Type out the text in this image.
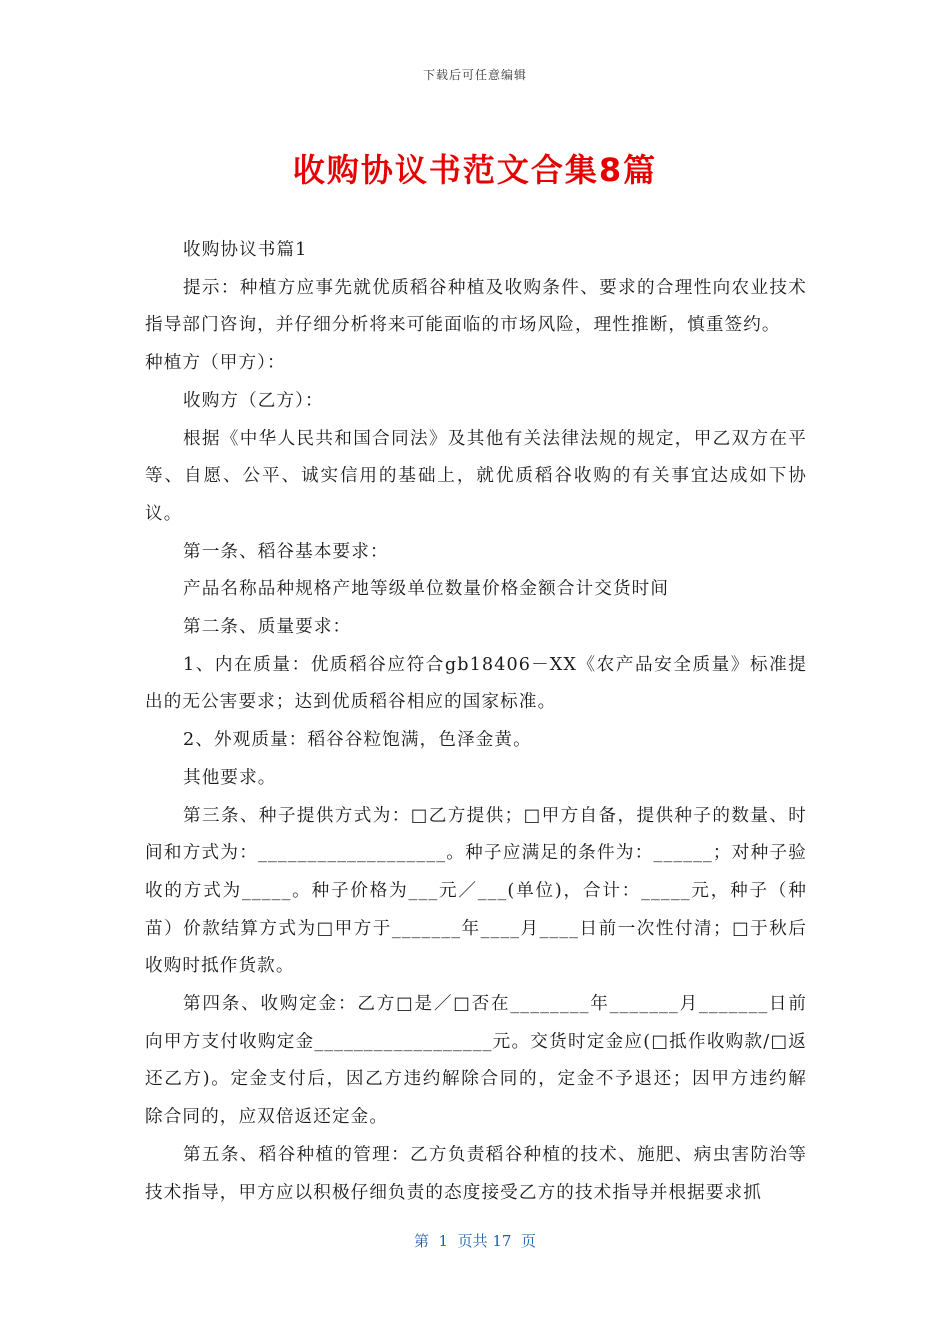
下载后可任意编辑
收购协议书范文合集8篇

收购协议书篇1

提示：种植方应事先就优质稻谷种植及收购条件、要求的合理性向农业技术指导部门咨询，并仔细分析将来可能面临的市场风险，理性推断，慎重签约。

种植方（甲方）：

收购方（乙方）：

根据《中华人民共和国合同法》及其他有关法律法规的规定，甲乙双方在平等、自愿、公平、诚实信用的基础上，就优质稻谷收购的有关事宜达成如下协议。

第一条、稻谷基本要求：

产品名称品种规格产地等级单位数量价格金额合计交货时间

第二条、质量要求：

1、内在质量：优质稻谷应符合gb18406－XX《农产品安全质量》标准提出的无公害要求；达到优质稻谷相应的国家标准。

2、外观质量：稻谷谷粒饱满，色泽金黄。

其他要求。

第三条、种子提供方式为：□乙方提供；□甲方自备，提供种子的数量、时间和方式为：___________________。种子应满足的条件为：______；对种子验收的方式为_____。种子价格为___元／___(单位)，合计：_____元，种子（种苗）价款结算方式为□甲方于_______年____月____日前一次性付清；□于秋后收购时抵作货款。

第四条、收购定金：乙方□是／□否在________年_______月_______日前向甲方支付收购定金__________________元。交货时定金应(□抵作收购款/□返还乙方)。定金支付后，因乙方违约解除合同的，定金不予退还；因甲方违约解除合同的，应双倍返还定金。

第五条、稻谷种植的管理：乙方负责稻谷种植的技术、施肥、病虫害防治等技术指导，甲方应以积极仔细负责的态度接受乙方的技术指导并根据要求抓

第  1  页共 17  页
